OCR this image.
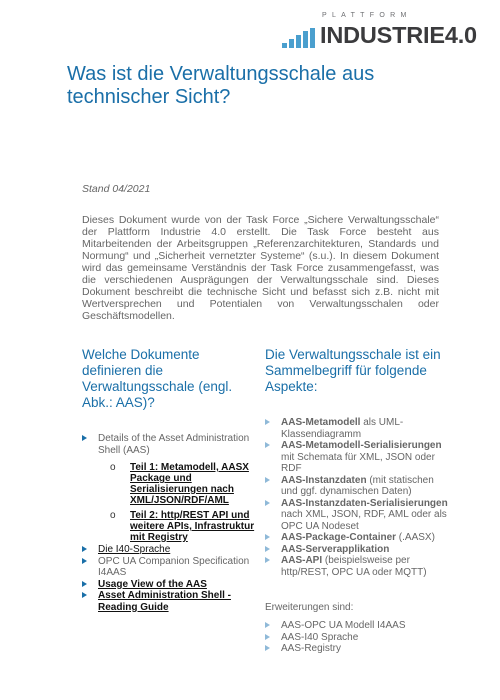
PLATTFORM
INDUSTRIE4.0
Was ist die Verwaltungsschale aus technischer Sicht?
Stand 04/2021

Dieses Dokument wurde von der Task Force „Sichere Verwaltungsschale“ der Plattform Industrie 4.0 erstellt. Die Task Force besteht aus Mitarbeitenden der Arbeitsgruppen „Referenzarchitekturen, Standards und Normung“ und „Sicherheit vernetzter Systeme“ (s.u.). In diesem Dokument wird das gemeinsame Verständnis der Task Force zusammengefasst, was die verschiedenen Ausprägungen der Verwaltungsschale sind. Dieses Dokument beschreibt die technische Sicht und befasst sich z.B. nicht mit Wertversprechen und Potentialen von Verwaltungsschalen oder Geschäftsmodellen.

Welche Dokumente definieren die Verwaltungsschale (engl. Abk.: AAS)?
Details of the Asset Administration Shell (AAS)
o Teil 1: Metamodell, AASX Package und Serialisierungen nach XML/JSON/RDF/AML
o Teil 2: http/REST API und weitere APIs, Infrastruktur mit Registry
Die I40-Sprache
OPC UA Companion Specification I4AAS
Usage View of the AAS
Asset Administration Shell - Reading Guide
Die Verwaltungsschale ist ein Sammelbegriff für folgende Aspekte:
AAS-Metamodell als UML-Klassendiagramm
AAS-Metamodell-Serialisierungen mit Schemata für XML, JSON oder RDF
AAS-Instanzdaten (mit statischen und ggf. dynamischen Daten)
AAS-Instanzdaten-Serialisierungen nach XML, JSON, RDF, AML oder als OPC UA Nodeset
AAS-Package-Container (.AASX)
AAS-Serverapplikation
AAS-API (beispielsweise per http/REST, OPC UA oder MQTT)
Erweiterungen sind:
AAS-OPC UA Modell I4AAS
AAS-I40 Sprache
AAS-Registry
